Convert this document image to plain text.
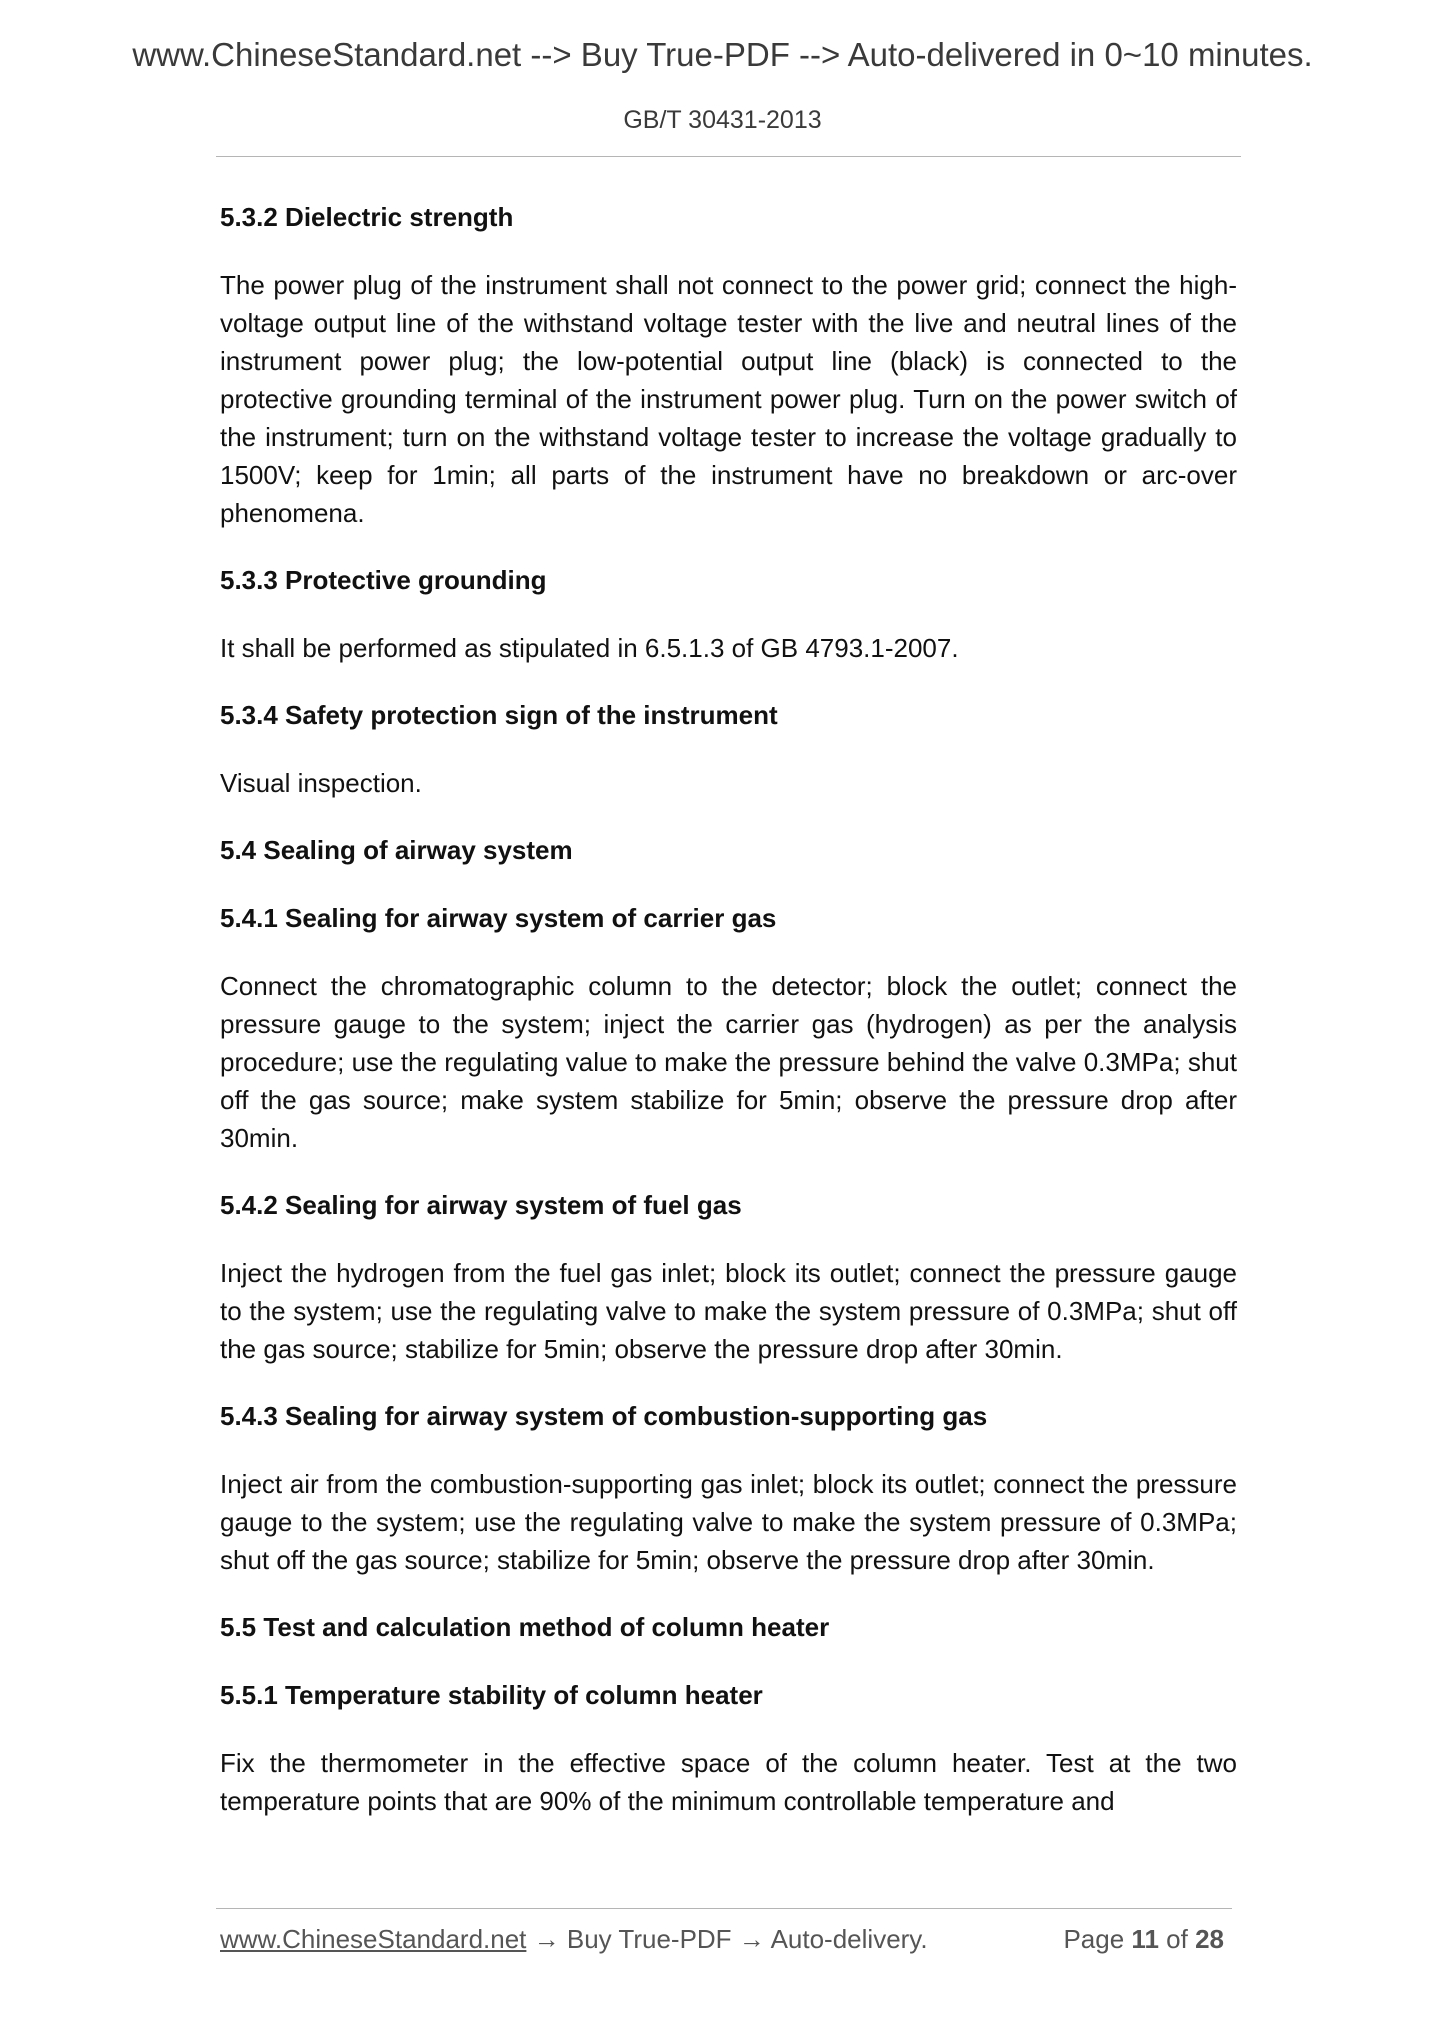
www.ChineseStandard.net --> Buy True-PDF --> Auto-delivered in 0~10 minutes.
GB/T 30431-2013
5.3.2 Dielectric strength
The power plug of the instrument shall not connect to the power grid; connect the high-voltage output line of the withstand voltage tester with the live and neutral lines of the instrument power plug; the low-potential output line (black) is connected to the protective grounding terminal of the instrument power plug. Turn on the power switch of the instrument; turn on the withstand voltage tester to increase the voltage gradually to 1500V; keep for 1min; all parts of the instrument have no breakdown or arc-over phenomena.
5.3.3 Protective grounding
It shall be performed as stipulated in 6.5.1.3 of GB 4793.1-2007.
5.3.4 Safety protection sign of the instrument
Visual inspection.
5.4 Sealing of airway system
5.4.1 Sealing for airway system of carrier gas
Connect the chromatographic column to the detector; block the outlet; connect the pressure gauge to the system; inject the carrier gas (hydrogen) as per the analysis procedure; use the regulating value to make the pressure behind the valve 0.3MPa; shut off the gas source; make system stabilize for 5min; observe the pressure drop after 30min.
5.4.2 Sealing for airway system of fuel gas
Inject the hydrogen from the fuel gas inlet; block its outlet; connect the pressure gauge to the system; use the regulating valve to make the system pressure of 0.3MPa; shut off the gas source; stabilize for 5min; observe the pressure drop after 30min.
5.4.3 Sealing for airway system of combustion-supporting gas
Inject air from the combustion-supporting gas inlet; block its outlet; connect the pressure gauge to the system; use the regulating valve to make the system pressure of 0.3MPa; shut off the gas source; stabilize for 5min; observe the pressure drop after 30min.
5.5 Test and calculation method of column heater
5.5.1 Temperature stability of column heater
Fix the thermometer in the effective space of the column heater. Test at the two temperature points that are 90% of the minimum controllable temperature and
www.ChineseStandard.net → Buy True-PDF → Auto-delivery.	Page 11 of 28
